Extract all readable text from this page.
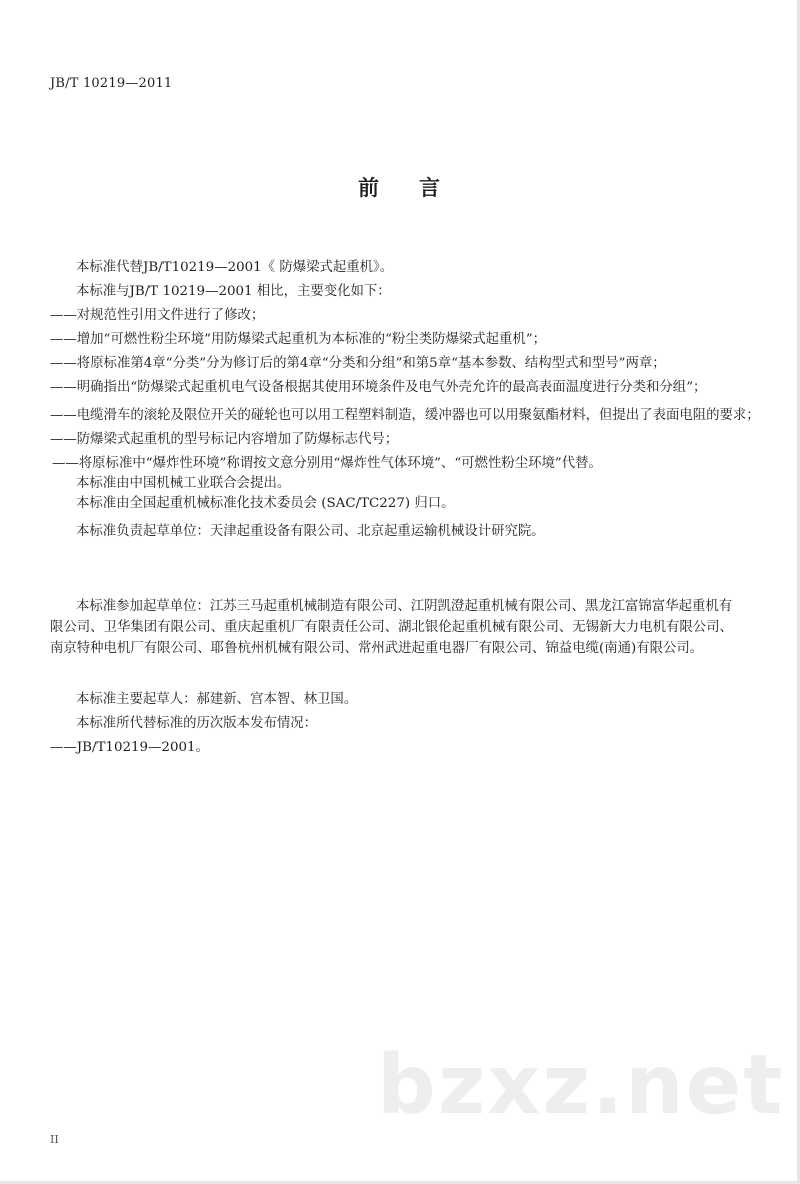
JB/T 10219—2011
前 言
本标准代替JB/T10219—2001《 防爆梁式起重机》。
本标准与JB/T 10219—2001 相比，主要变化如下：
——对规范性引用文件进行了修改；
——增加“可燃性粉尘环境”用防爆梁式起重机为本标准的“粉尘类防爆梁式起重机”；
——将原标准第4章“分类”分为修订后的第4章“分类和分组”和第5章“基本参数、结构型式和型号”两章；
——明确指出“防爆梁式起重机电气设备根据其使用环境条件及电气外壳允许的最高表面温度进行分类和分组”；
——电缆滑车的滚轮及限位开关的碰轮也可以用工程塑料制造，缓冲器也可以用聚氨酯材料，但提出了表面电阻的要求；
——防爆梁式起重机的型号标记内容增加了防爆标志代号；
——将原标准中“爆炸性环境”称谓按文意分别用“爆炸性气体环境”、“可燃性粉尘环境”代替。
本标准由中国机械工业联合会提出。
本标准由全国起重机械标准化技术委员会 (SAC/TC227) 归口。
本标准负责起草单位：天津起重设备有限公司、北京起重运输机械设计研究院。
本标准参加起草单位：江苏三马起重机械制造有限公司、江阴凯澄起重机械有限公司、黑龙江富锦富华起重机有限公司、卫华集团有限公司、重庆起重机厂有限责任公司、湖北银伦起重机械有限公司、无锡新大力电机有限公司、南京特种电机厂有限公司、耶鲁杭州机械有限公司、常州武进起重电器厂有限公司、锦益电缆(南通)有限公司。
本标准主要起草人：郝建新、宫本智、林卫国。
本标准所代替标准的历次版本发布情况：
——JB/T10219—2001。
bzxz.net
II
